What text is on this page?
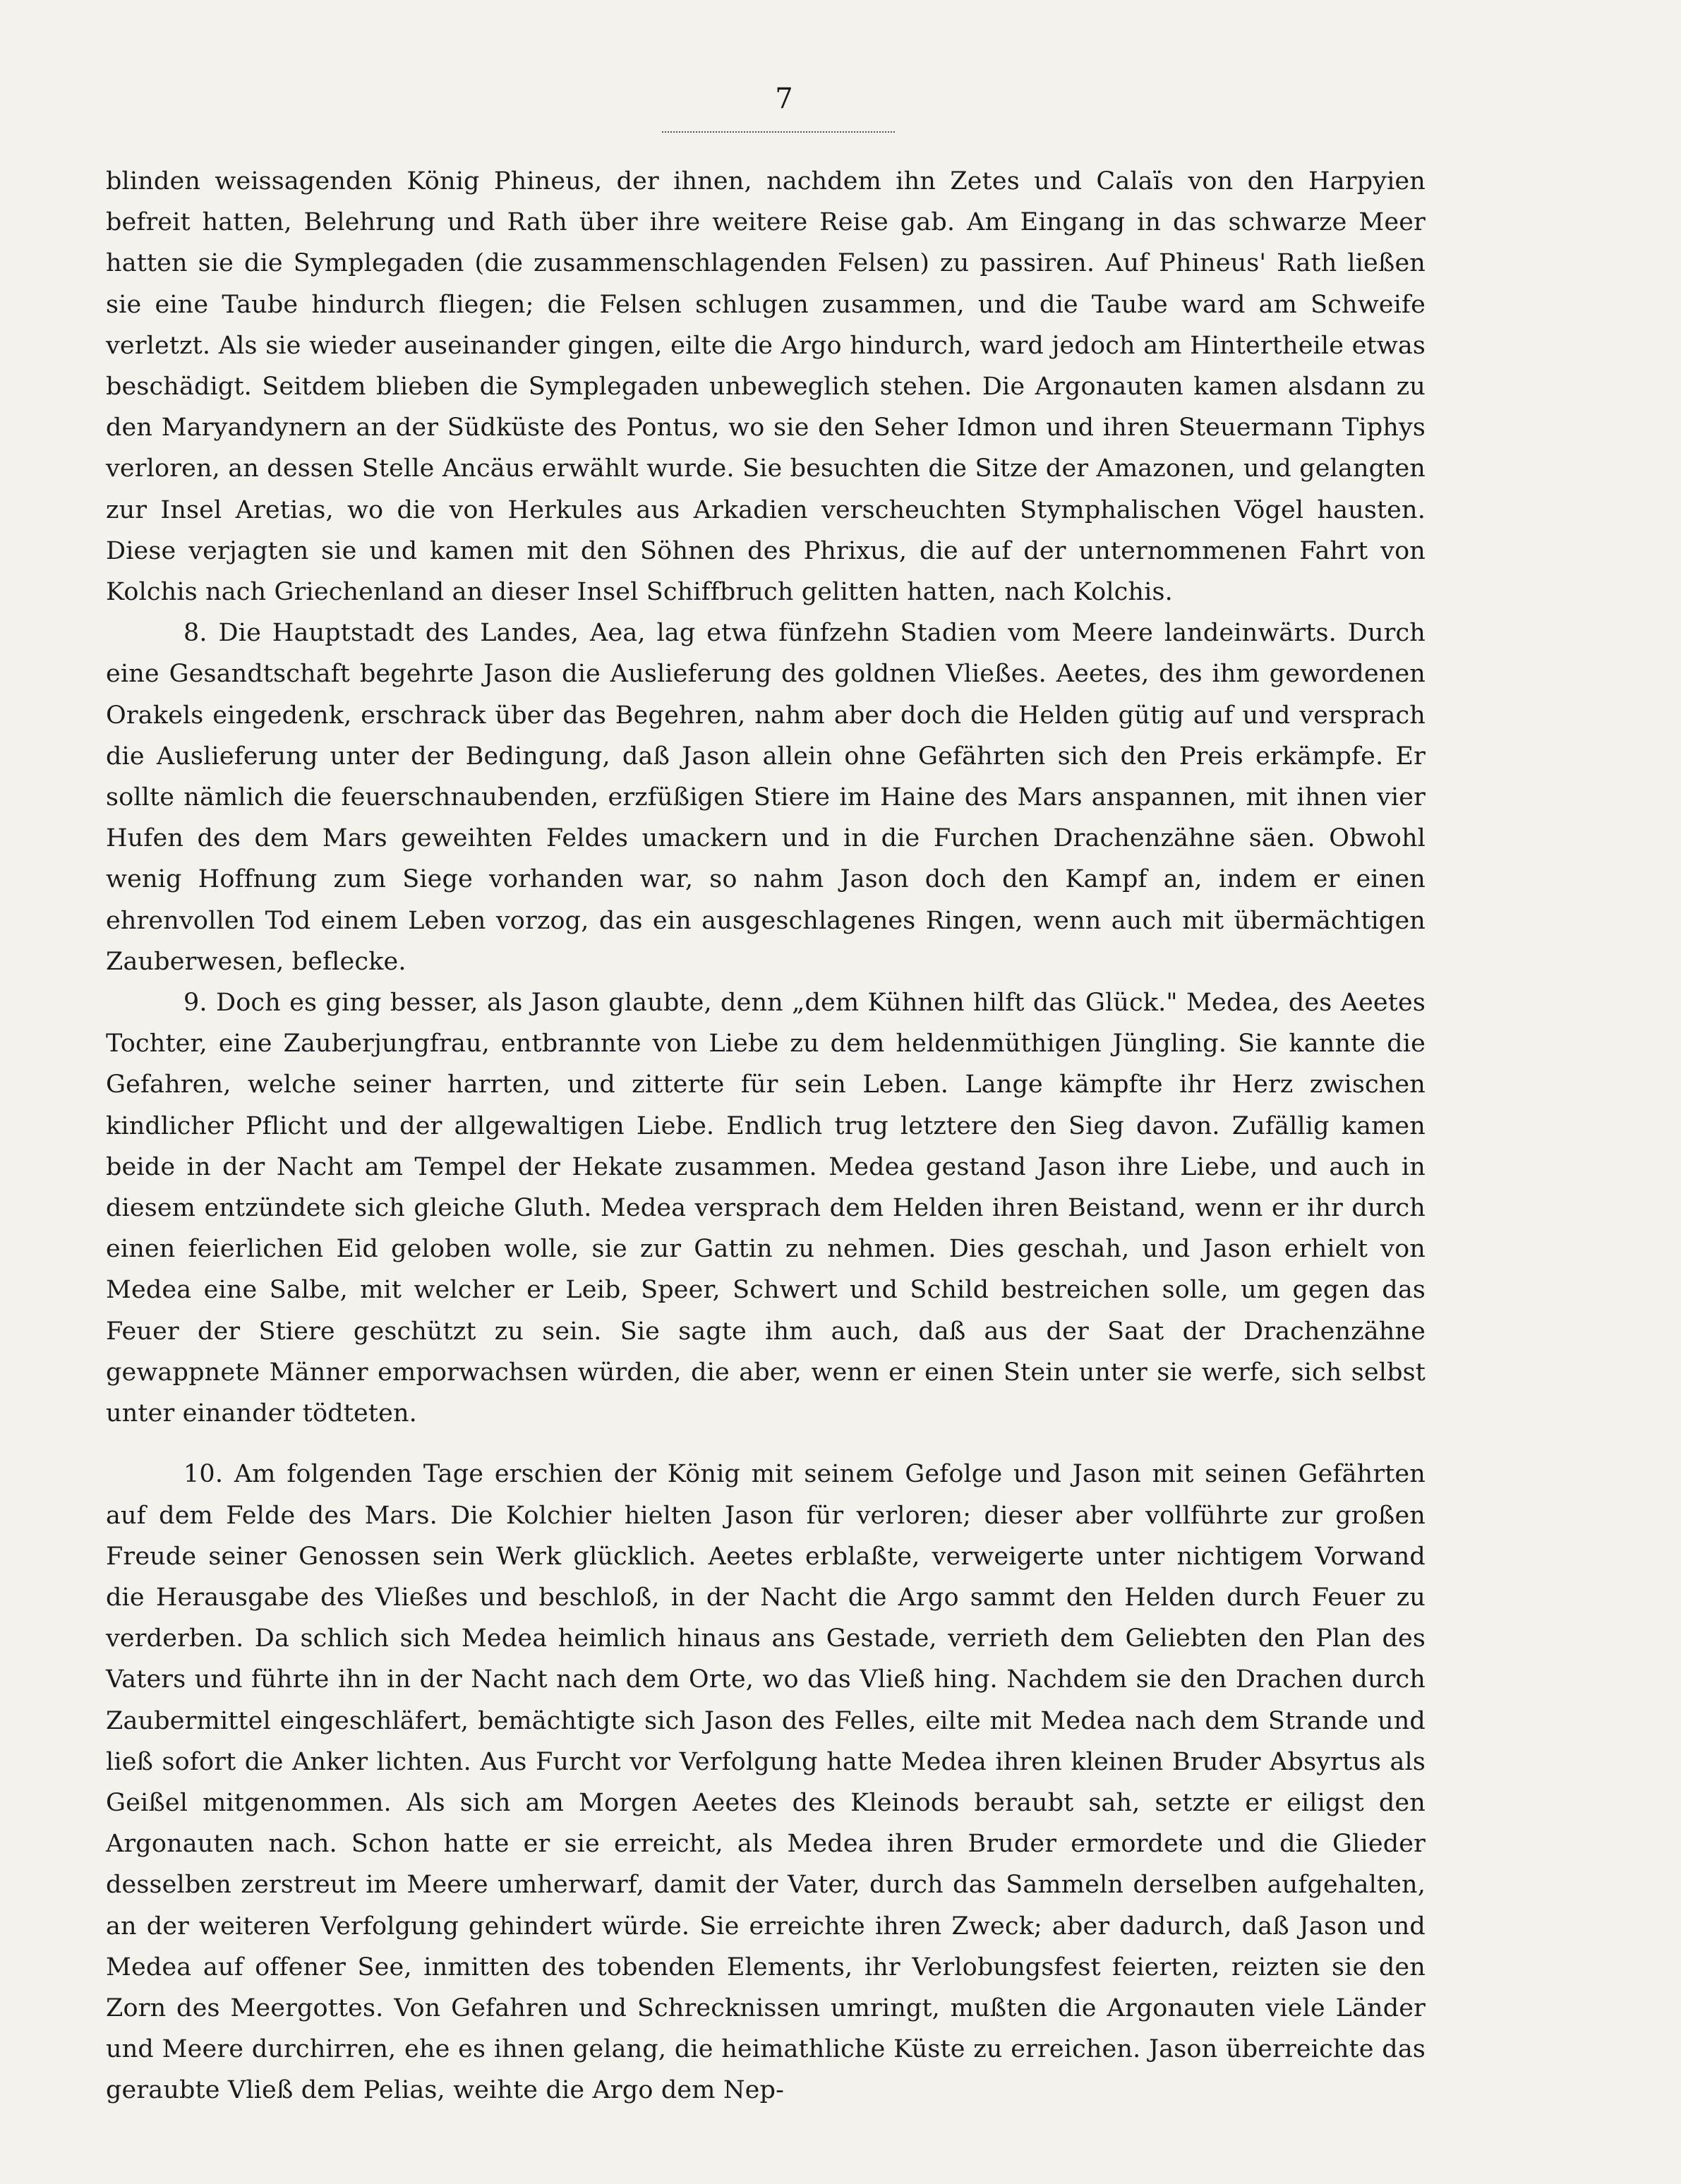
7

blinden weissagenden König Phineus, der ihnen, nachdem ihn Zetes und Calaïs von den Harpyien befreit hatten, Belehrung und Rath über ihre weitere Reise gab. Am Eingang in das schwarze Meer hatten sie die Symplegaden (die zusammenschlagenden Felsen) zu passiren. Auf Phineus' Rath ließen sie eine Taube hindurch fliegen; die Felsen schlugen zusammen, und die Taube ward am Schweife verletzt. Als sie wieder auseinander gingen, eilte die Argo hindurch, ward jedoch am Hintertheile etwas beschädigt. Seitdem blieben die Symplegaden unbeweglich stehen. Die Argonauten kamen alsdann zu den Maryandynern an der Südküste des Pontus, wo sie den Seher Idmon und ihren Steuermann Tiphys verloren, an dessen Stelle Ancäus erwählt wurde. Sie besuchten die Sitze der Amazonen, und gelangten zur Insel Aretias, wo die von Herkules aus Arkadien verscheuchten Stymphalischen Vögel hausten. Diese verjagten sie und kamen mit den Söhnen des Phrixus, die auf der unternommenen Fahrt von Kolchis nach Griechenland an dieser Insel Schiffbruch gelitten hatten, nach Kolchis.

8. Die Hauptstadt des Landes, Aea, lag etwa fünfzehn Stadien vom Meere landeinwärts. Durch eine Gesandtschaft begehrte Jason die Auslieferung des goldnen Vließes. Aeetes, des ihm gewordenen Orakels eingedenk, erschrack über das Begehren, nahm aber doch die Helden gütig auf und versprach die Auslieferung unter der Bedingung, daß Jason allein ohne Gefährten sich den Preis erkämpfe. Er sollte nämlich die feuerschnaubenden, erzfüßigen Stiere im Haine des Mars anspannen, mit ihnen vier Hufen des dem Mars geweihten Feldes umackern und in die Furchen Drachenzähne säen. Obwohl wenig Hoffnung zum Siege vorhanden war, so nahm Jason doch den Kampf an, indem er einen ehrenvollen Tod einem Leben vorzog, das ein ausgeschlagenes Ringen, wenn auch mit übermächtigen Zauberwesen, beflecke.

9. Doch es ging besser, als Jason glaubte, denn „dem Kühnen hilft das Glück." Medea, des Aeetes Tochter, eine Zauberjungfrau, entbrannte von Liebe zu dem heldenmüthigen Jüngling. Sie kannte die Gefahren, welche seiner harrten, und zitterte für sein Leben. Lange kämpfte ihr Herz zwischen kindlicher Pflicht und der allgewaltigen Liebe. Endlich trug letztere den Sieg davon. Zufällig kamen beide in der Nacht am Tempel der Hekate zusammen. Medea gestand Jason ihre Liebe, und auch in diesem entzündete sich gleiche Gluth. Medea versprach dem Helden ihren Beistand, wenn er ihr durch einen feierlichen Eid geloben wolle, sie zur Gattin zu nehmen. Dies geschah, und Jason erhielt von Medea eine Salbe, mit welcher er Leib, Speer, Schwert und Schild bestreichen solle, um gegen das Feuer der Stiere geschützt zu sein. Sie sagte ihm auch, daß aus der Saat der Drachenzähne gewappnete Männer emporwachsen würden, die aber, wenn er einen Stein unter sie werfe, sich selbst unter einander tödteten.

10. Am folgenden Tage erschien der König mit seinem Gefolge und Jason mit seinen Gefährten auf dem Felde des Mars. Die Kolchier hielten Jason für verloren; dieser aber vollführte zur großen Freude seiner Genossen sein Werk glücklich. Aeetes erblaßte, verweigerte unter nichtigem Vorwand die Herausgabe des Vließes und beschloß, in der Nacht die Argo sammt den Helden durch Feuer zu verderben. Da schlich sich Medea heimlich hinaus ans Gestade, verrieth dem Geliebten den Plan des Vaters und führte ihn in der Nacht nach dem Orte, wo das Vließ hing. Nachdem sie den Drachen durch Zaubermittel eingeschläfert, bemächtigte sich Jason des Felles, eilte mit Medea nach dem Strande und ließ sofort die Anker lichten. Aus Furcht vor Verfolgung hatte Medea ihren kleinen Bruder Absyrtus als Geißel mitgenommen. Als sich am Morgen Aeetes des Kleinods beraubt sah, setzte er eiligst den Argonauten nach. Schon hatte er sie erreicht, als Medea ihren Bruder ermordete und die Glieder desselben zerstreut im Meere umherwarf, damit der Vater, durch das Sammeln derselben aufgehalten, an der weiteren Verfolgung gehindert würde. Sie erreichte ihren Zweck; aber dadurch, daß Jason und Medea auf offener See, inmitten des tobenden Elements, ihr Verlobungsfest feierten, reizten sie den Zorn des Meergottes. Von Gefahren und Schrecknissen umringt, mußten die Argonauten viele Länder und Meere durchirren, ehe es ihnen gelang, die heimathliche Küste zu erreichen. Jason überreichte das geraubte Vließ dem Pelias, weihte die Argo dem Nep-
